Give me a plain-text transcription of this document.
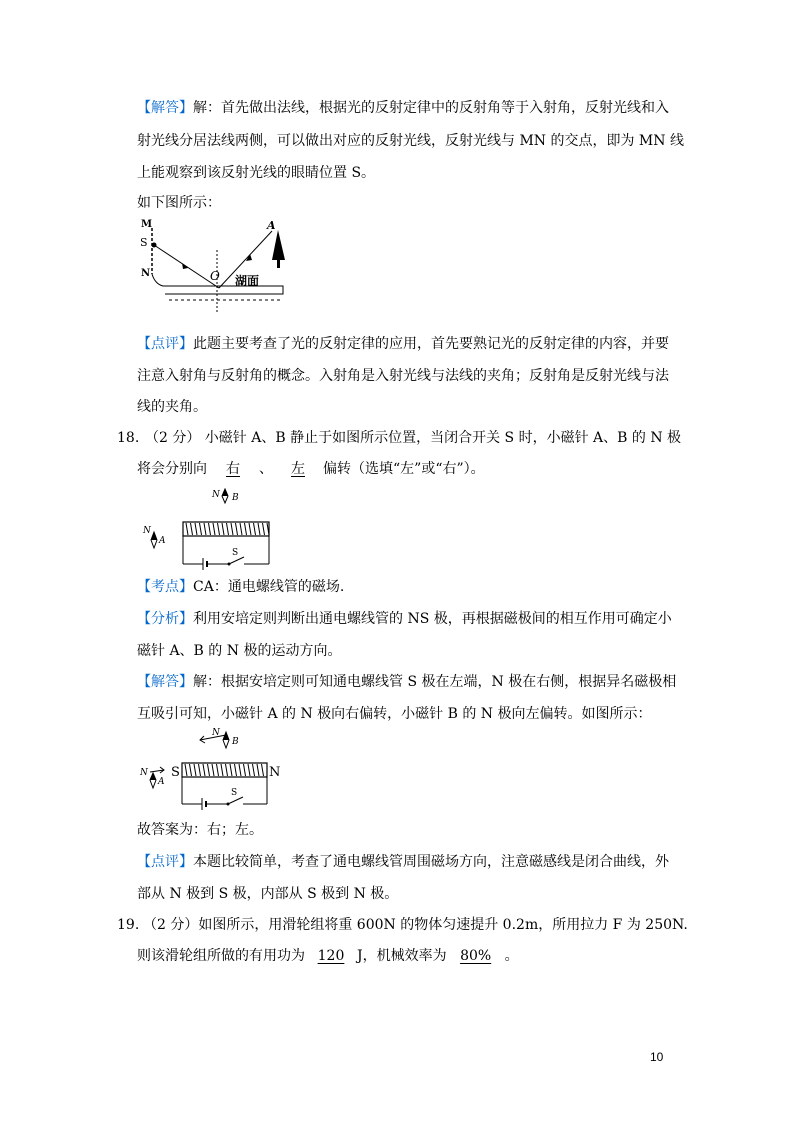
【解答】解：首先做出法线，根据光的反射定律中的反射角等于入射角，反射光线和入
射光线分居法线两侧，可以做出对应的反射光线，反射光线与 MN 的交点，即为 MN 线
上能观察到该反射光线的眼睛位置 S。
如下图所示：
M
S
N	O
A
湖面
【点评】此题主要考查了光的反射定律的应用，首先要熟记光的反射定律的内容，并要
注意入射角与反射角的概念。入射角是入射光线与法线的夹角；反射角是反射光线与法
线的夹角。
18. （2 分） 小磁针 A、B 静止于如图所示位置，当闭合开关 S 时，小磁针 A、B 的 N 极
将会分别向 右 、 左 偏转（选填“左”或“右”）。
N B
N
A
S
【考点】CA：通电螺线管的磁场.
【分析】利用安培定则判断出通电螺线管的 NS 极，再根据磁极间的相互作用可确定小
磁针 A、B 的 N 极的运动方向。
【解答】解：根据安培定则可知通电螺线管 S 极在左端，N 极在右侧，根据异名磁极相
互吸引可知，小磁针 A 的 N 极向右偏转，小磁针 B 的 N 极向左偏转。如图所示：
N
B
N
A
S	N
S
故答案为：右；左。
【点评】本题比较简单，考查了通电螺线管周围磁场方向，注意磁感线是闭合曲线，外
部从 N 极到 S 极，内部从 S 极到 N 极。
19. （2 分）如图所示，用滑轮组将重 600N 的物体匀速提升 0.2m，所用拉力 F 为 250N.
则该滑轮组所做的有用功为 120 J，机械效率为 80% 。
10
